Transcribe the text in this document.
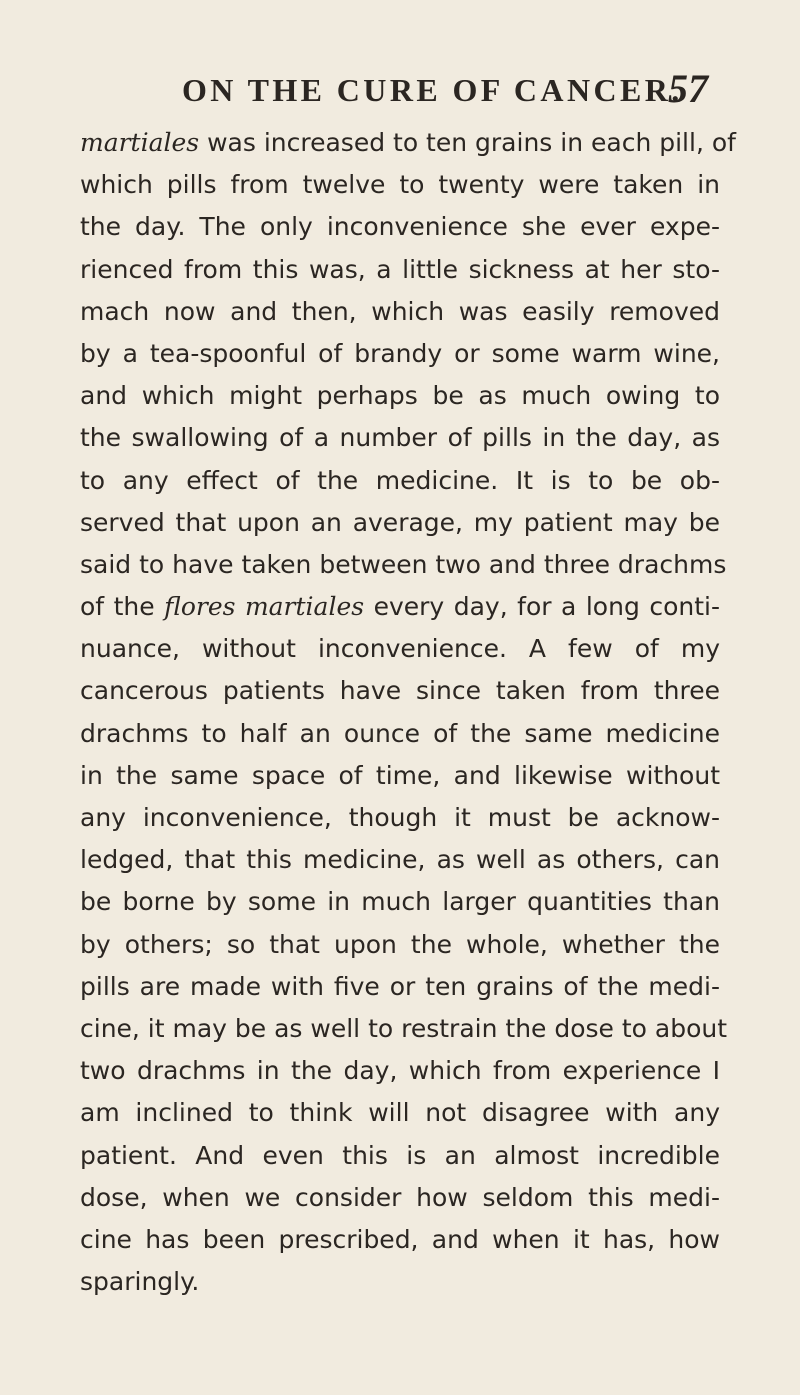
ON THE CURE OF CANCER.
57
martiales was increased to ten grains in each pill, of
which pills from twelve to twenty were taken in
the day. The only inconvenience she ever expe-
rienced from this was, a little sickness at her sto-
mach now and then, which was easily removed
by a tea-spoonful of brandy or some warm wine,
and which might perhaps be as much owing to
the swallowing of a number of pills in the day, as
to any effect of the medicine. It is to be ob-
served that upon an average, my patient may be
said to have taken between two and three drachms
of the flores martiales every day, for a long conti-
nuance, without inconvenience. A few of my
cancerous patients have since taken from three
drachms to half an ounce of the same medicine
in the same space of time, and likewise without
any inconvenience, though it must be acknow-
ledged, that this medicine, as well as others, can
be borne by some in much larger quantities than
by others; so that upon the whole, whether the
pills are made with five or ten grains of the medi-
cine, it may be as well to restrain the dose to about
two drachms in the day, which from experience I
am inclined to think will not disagree with any
patient. And even this is an almost incredible
dose, when we consider how seldom this medi-
cine has been prescribed, and when it has, how
sparingly.
